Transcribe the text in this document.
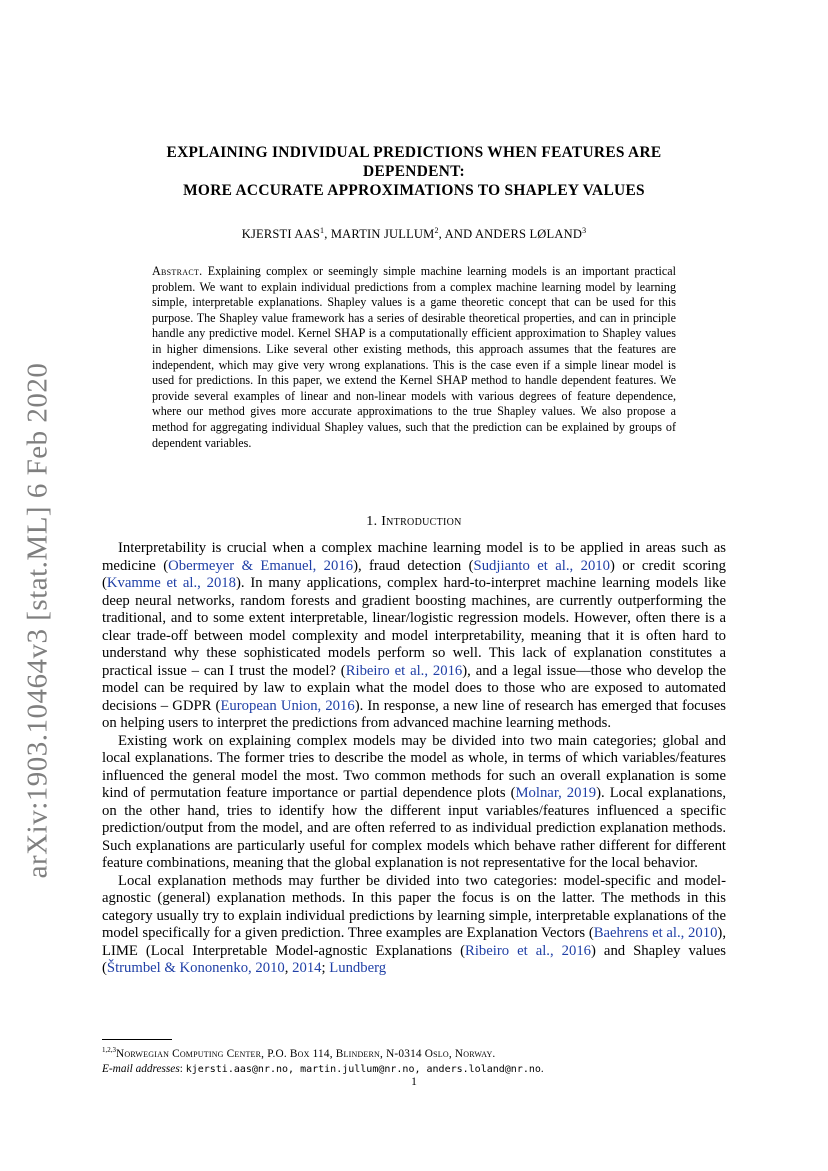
arXiv:1903.10464v3 [stat.ML] 6 Feb 2020
EXPLAINING INDIVIDUAL PREDICTIONS WHEN FEATURES ARE
DEPENDENT:
MORE ACCURATE APPROXIMATIONS TO SHAPLEY VALUES
KJERSTI AAS$^1$, MARTIN JULLUM$^2$, AND ANDERS LØLAND$^3$
Abstract. Explaining complex or seemingly simple machine learning models is an important practical problem. We want to explain individual predictions from a complex machine learning model by learning simple, interpretable explanations. Shapley values is a game theoretic concept that can be used for this purpose. The Shapley value framework has a series of desirable theoretical properties, and can in principle handle any predictive model. Kernel SHAP is a computationally efficient approximation to Shapley values in higher dimensions. Like several other existing methods, this approach assumes that the features are independent, which may give very wrong explanations. This is the case even if a simple linear model is used for predictions. In this paper, we extend the Kernel SHAP method to handle dependent features. We provide several examples of linear and non-linear models with various degrees of feature dependence, where our method gives more accurate approximations to the true Shapley values. We also propose a method for aggregating individual Shapley values, such that the prediction can be explained by groups of dependent variables.
1. Introduction

Interpretability is crucial when a complex machine learning model is to be applied in areas such as medicine (Obermeyer & Emanuel, 2016), fraud detection (Sudjianto et al., 2010) or credit scoring (Kvamme et al., 2018). In many applications, complex hard-to-interpret machine learning models like deep neural networks, random forests and gradient boosting machines, are currently outperforming the traditional, and to some extent interpretable, linear/logistic regression models. However, often there is a clear trade-off between model complexity and model interpretability, meaning that it is often hard to understand why these sophisticated models perform so well. This lack of explanation constitutes a practical issue – can I trust the model? (Ribeiro et al., 2016), and a legal issue—those who develop the model can be required by law to explain what the model does to those who are exposed to automated decisions – GDPR (European Union, 2016). In response, a new line of research has emerged that focuses on helping users to interpret the predictions from advanced machine learning methods.

Existing work on explaining complex models may be divided into two main categories; global and local explanations. The former tries to describe the model as whole, in terms of which variables/features influenced the general model the most. Two common methods for such an overall explanation is some kind of permutation feature importance or partial dependence plots (Molnar, 2019). Local explanations, on the other hand, tries to identify how the different input variables/features influenced a specific prediction/output from the model, and are often referred to as individual prediction explanation methods. Such explanations are particularly useful for complex models which behave rather different for different feature combinations, meaning that the global explanation is not representative for the local behavior.

Local explanation methods may further be divided into two categories: model-specific and model-agnostic (general) explanation methods. In this paper the focus is on the latter. The methods in this category usually try to explain individual predictions by learning simple, interpretable explanations of the model specifically for a given prediction. Three examples are Explanation Vectors (Baehrens et al., 2010), LIME (Local Interpretable Model-agnostic Explanations (Ribeiro et al., 2016) and Shapley values (Štrumbel & Kononenko, 2010, 2014; Lundberg

$^{1,2,3}$Norwegian Computing Center, P.O. Box 114, Blindern, N-0314 Oslo, Norway.
E-mail addresses: kjersti.aas@nr.no, martin.jullum@nr.no, anders.loland@nr.no.
1
